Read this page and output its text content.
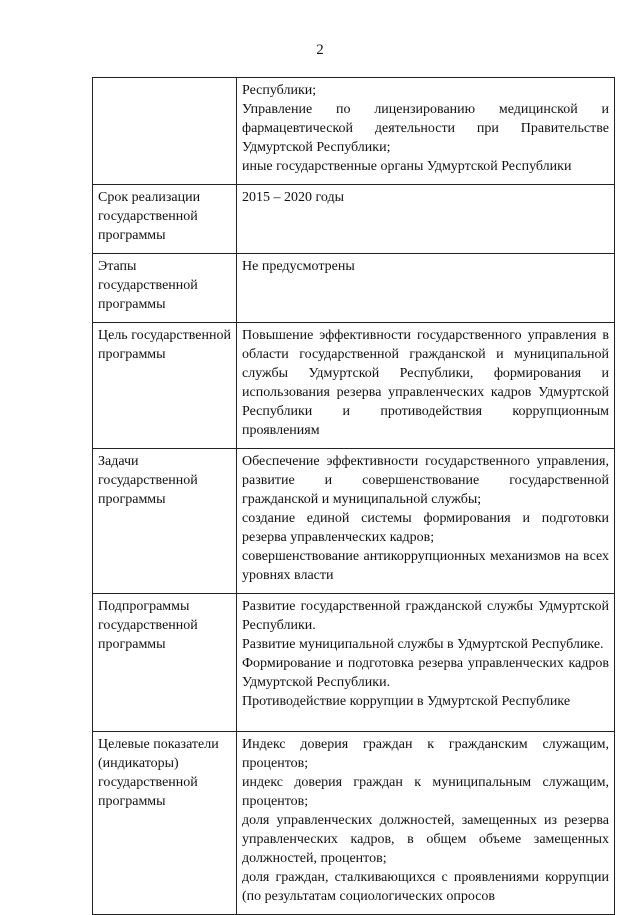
2

	Республики;
Управление по лицензированию медицинской и фармацевтической деятельности при Правительстве Удмуртской Республики;
иные государственные органы Удмуртской Республики

Срок реализации государственной программы	2015 – 2020 годы

Этапы государственной программы	Не предусмотрены

Цель государственной программы	Повышение эффективности государственного управления в области государственной гражданской и муниципальной службы Удмуртской Республики, формирования и использования резерва управленческих кадров Удмуртской Республики и противодействия коррупционным проявлениям

Задачи государственной программы	Обеспечение эффективности государственного управления, развитие и совершенствование государственной гражданской и муниципальной службы;
создание единой системы формирования и подготовки резерва управленческих кадров;
совершенствование антикоррупционных механизмов на всех уровнях власти

Подпрограммы государственной программы	Развитие государственной гражданской службы Удмуртской Республики.
Развитие муниципальной службы в Удмуртской Республике.
Формирование и подготовка резерва управленческих кадров Удмуртской Республики.
Противодействие коррупции в Удмуртской Республике

Целевые показатели (индикаторы) государственной программы	Индекс доверия граждан к гражданским служащим, процентов;
индекс доверия граждан к муниципальным служащим, процентов;
доля управленческих должностей, замещенных из резерва управленческих кадров, в общем объеме замещенных должностей, процентов;
доля граждан, сталкивающихся с проявлениями коррупции (по результатам социологических опросов
